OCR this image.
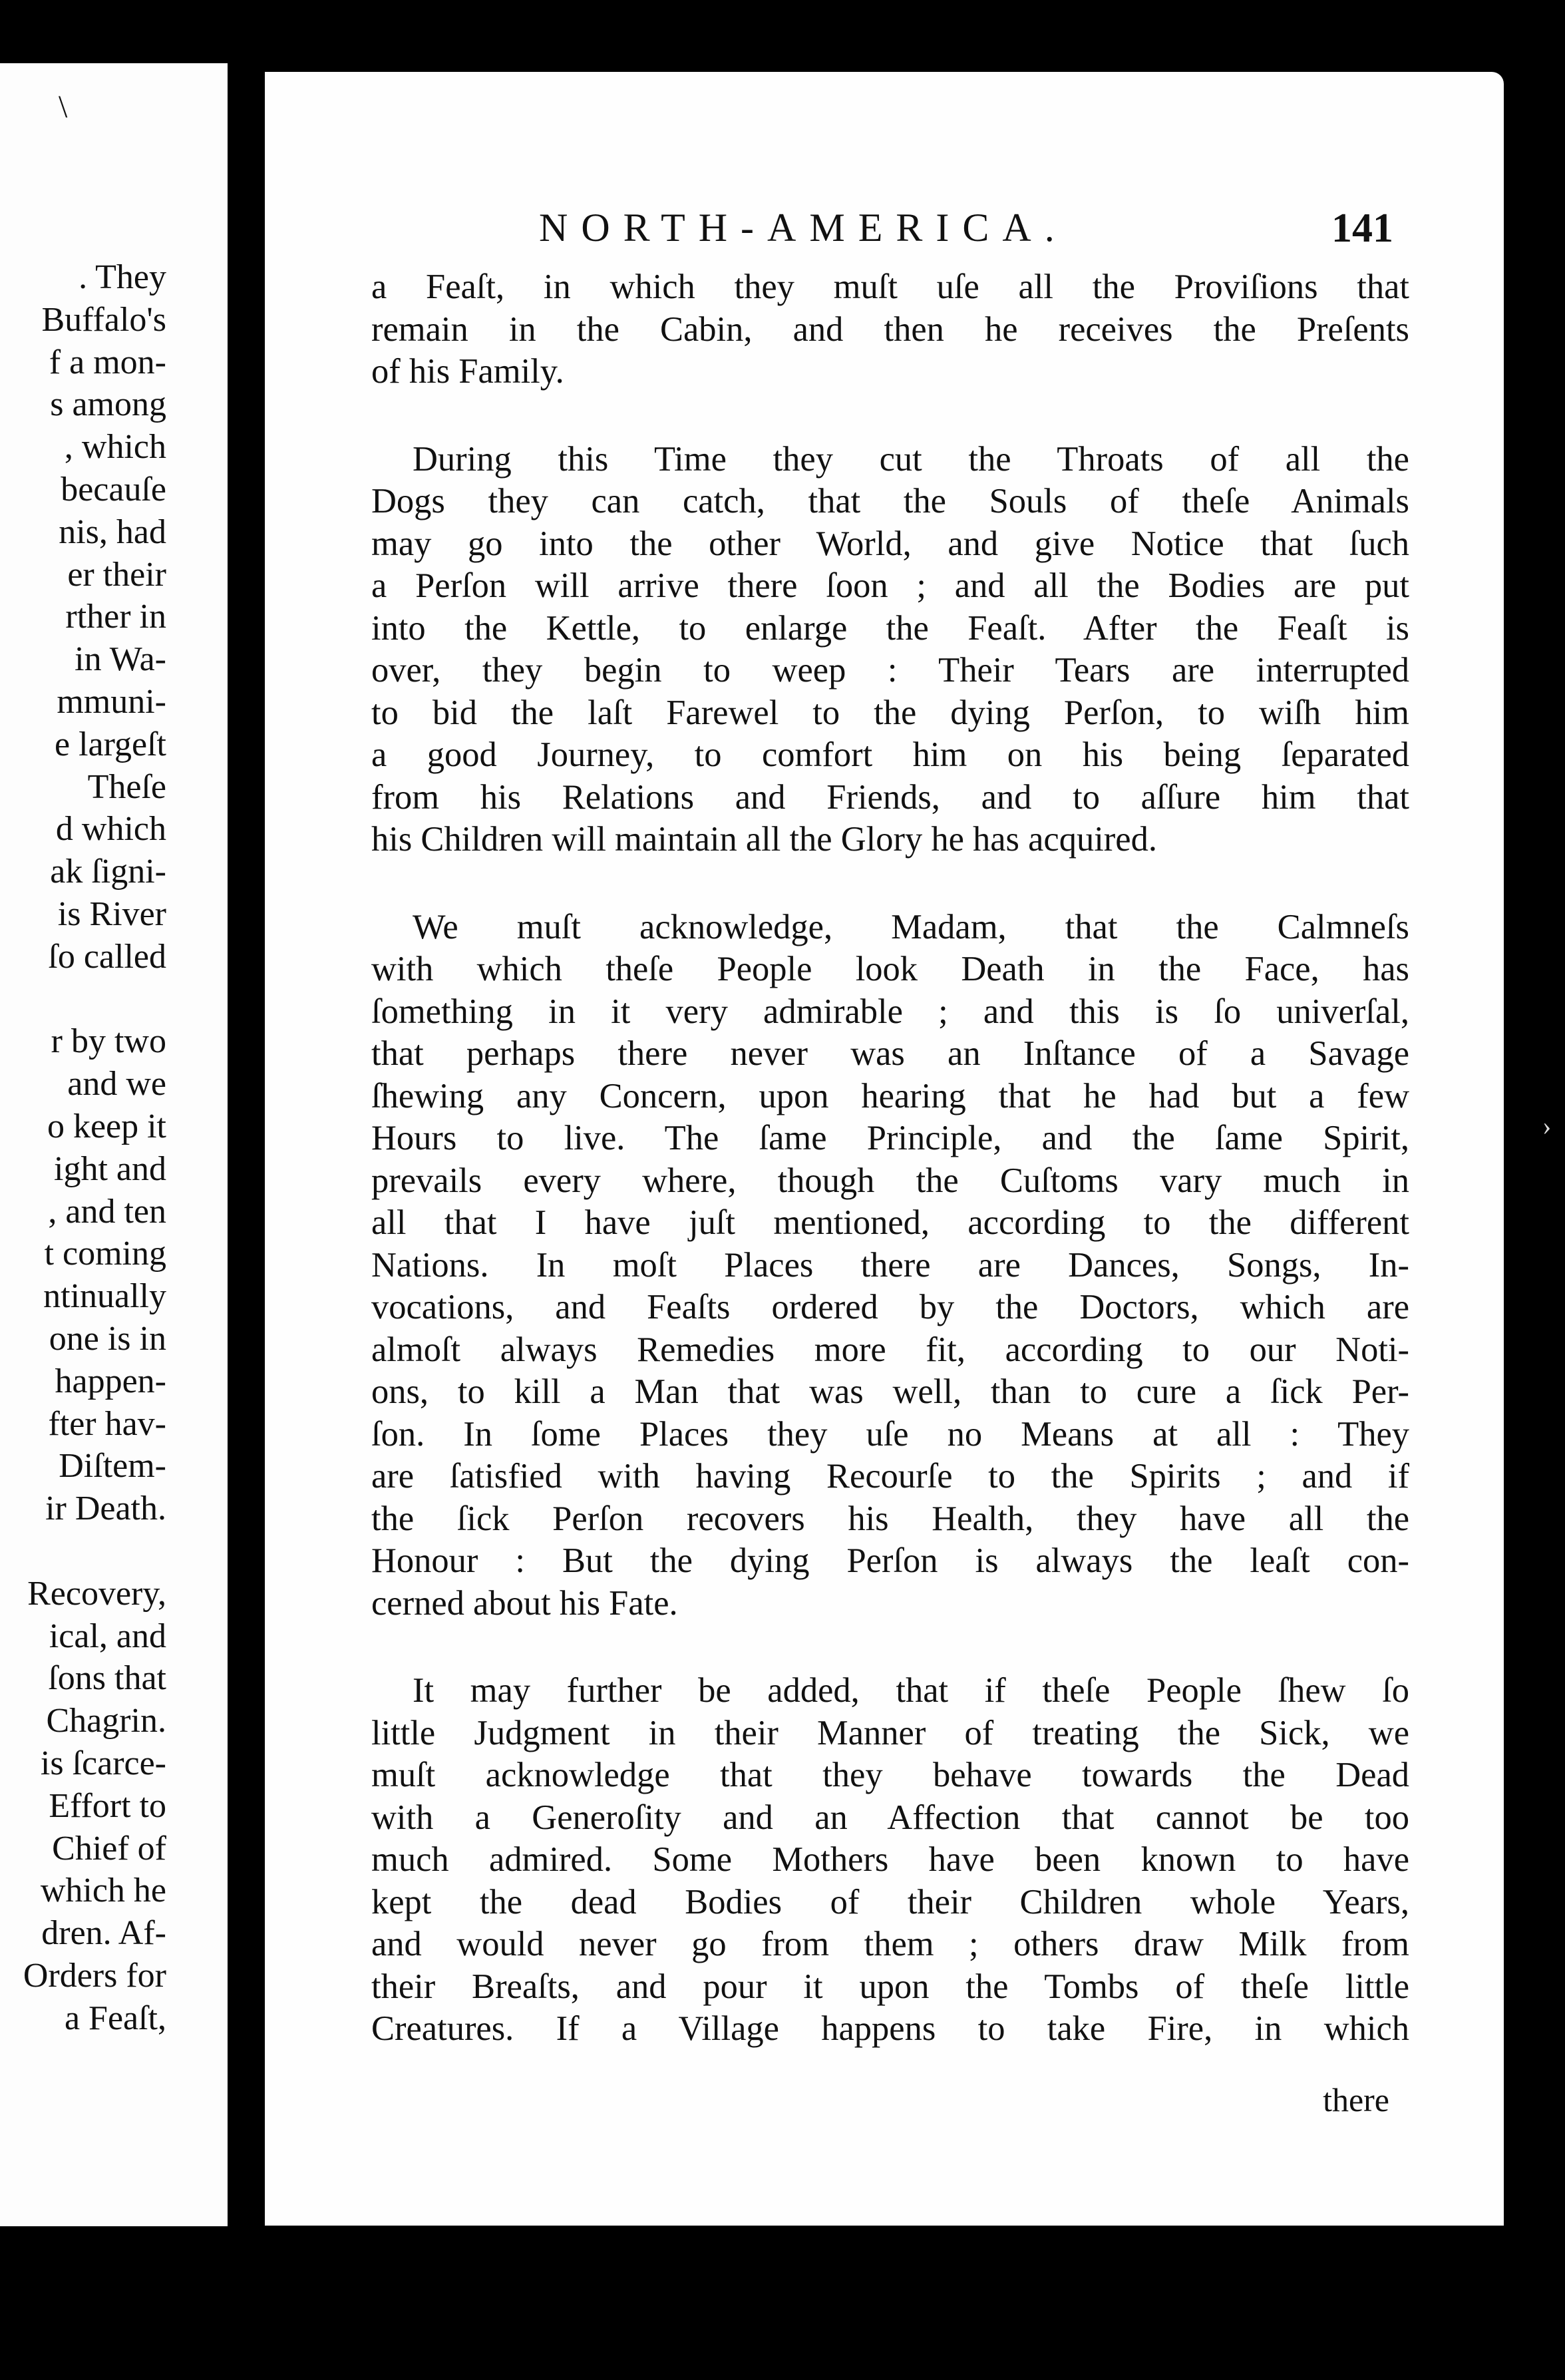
\
. They
Buffalo's
f a mon-
s among
, which
becauſe
nis, had
er their
rther in
in Wa-
mmuni-
e largeſt
Theſe
d which
ak ſigni-
is River
ſo called
r by two
and we
o keep it
ight and
, and ten
t coming
ntinually
one is in
happen-
fter hav-
Diſtem-
ir Death.
Recovery,
ical, and
ſons that
Chagrin.
is ſcarce-
Effort to
Chief of
which he
dren. Af-
Orders for
a Feaſt,
NORTH-AMERICA.	141
a Feaſt, in which they muſt uſe all the Proviſions that
remain in the Cabin, and then he receives the Preſents
of his Family.
During this Time they cut the Throats of all the
Dogs they can catch, that the Souls of theſe Animals
may go into the other World, and give Notice that ſuch
a Perſon will arrive there ſoon ; and all the Bodies are put
into the Kettle, to enlarge the Feaſt. After the Feaſt is
over, they begin to weep : Their Tears are interrupted
to bid the laſt Farewel to the dying Perſon, to wiſh him
a good Journey, to comfort him on his being ſeparated
from his Relations and Friends, and to aſſure him that
his Children will maintain all the Glory he has acquired.
We muſt acknowledge, Madam, that the Calmneſs
with which theſe People look Death in the Face, has
ſomething in it very admirable ; and this is ſo univerſal,
that perhaps there never was an Inſtance of a Savage
ſhewing any Concern, upon hearing that he had but a few
Hours to live. The ſame Principle, and the ſame Spirit,
prevails every where, though the Cuſtoms vary much in
all that I have juſt mentioned, according to the different
Nations. In moſt Places there are Dances, Songs, In-
vocations, and Feaſts ordered by the Doctors, which are
almoſt always Remedies more fit, according to our Noti-
ons, to kill a Man that was well, than to cure a ſick Per-
ſon. In ſome Places they uſe no Means at all : They
are ſatisfied with having Recourſe to the Spirits ; and if
the ſick Perſon recovers his Health, they have all the
Honour : But the dying Perſon is always the leaſt con-
cerned about his Fate.
It may further be added, that if theſe People ſhew ſo
little Judgment in their Manner of treating the Sick, we
muſt acknowledge that they behave towards the Dead
with a Generoſity and an Affection that cannot be too
much admired. Some Mothers have been known to have
kept the dead Bodies of their Children whole Years,
and would never go from them ; others draw Milk from
their Breaſts, and pour it upon the Tombs of theſe little
Creatures. If a Village happens to take Fire, in which
there
›
